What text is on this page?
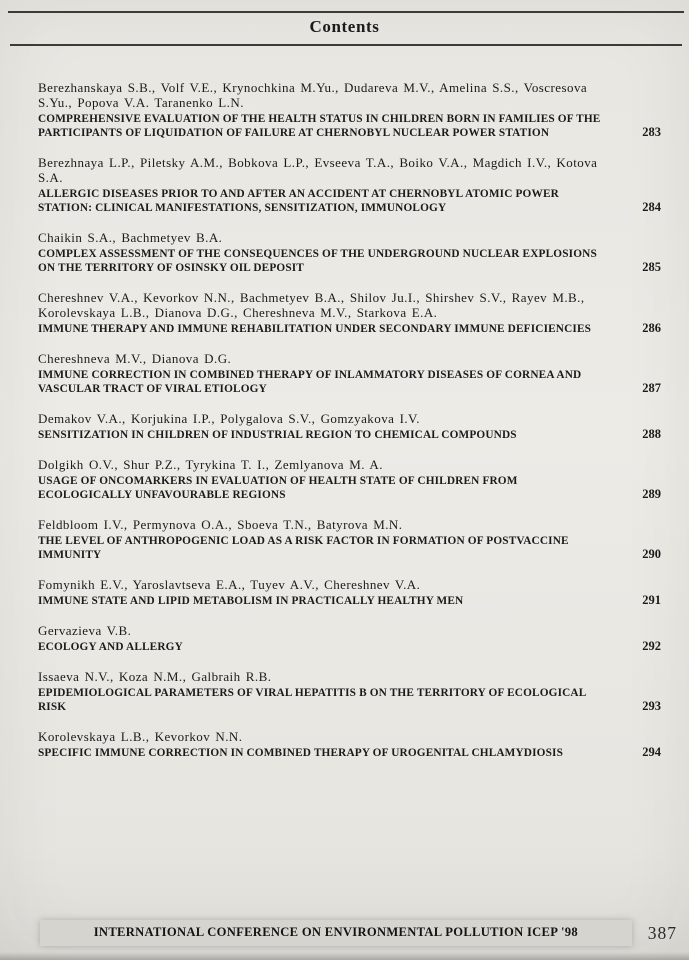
Contents
Berezhanskaya S.B., Volf V.E., Krynochkina M.Yu., Dudareva M.V., Amelina S.S., Voscresova S.Yu., Popova V.A. Taranenko L.N.
COMPREHENSIVE EVALUATION OF THE HEALTH STATUS IN CHILDREN BORN IN FAMILIES OF THE PARTICIPANTS OF LIQUIDATION OF FAILURE AT CHERNOBYL NUCLEAR POWER STATION	283
Berezhnaya L.P., Piletsky A.M., Bobkova L.P., Evseeva T.A., Boiko V.A., Magdich I.V., Kotova S.A.
ALLERGIC DISEASES PRIOR TO AND AFTER AN ACCIDENT AT CHERNOBYL ATOMIC POWER STATION: CLINICAL MANIFESTATIONS, SENSITIZATION, IMMUNOLOGY	284
Chaikin S.A., Bachmetyev B.A.
COMPLEX ASSESSMENT OF THE CONSEQUENCES OF THE UNDERGROUND NUCLEAR EXPLOSIONS ON THE TERRITORY OF OSINSKY OIL DEPOSIT	285
Chereshnev V.A., Kevorkov N.N., Bachmetyev B.A., Shilov Ju.I., Shirshev S.V., Rayev M.B., Korolevskaya L.B., Dianova D.G., Chereshneva M.V., Starkova E.A.
IMMUNE THERAPY AND IMMUNE REHABILITATION UNDER SECONDARY IMMUNE DEFICIENCIES	286
Chereshneva M.V., Dianova D.G.
IMMUNE CORRECTION IN COMBINED THERAPY OF INLAMMATORY DISEASES OF CORNEA AND VASCULAR TRACT OF VIRAL ETIOLOGY	287
Demakov V.A., Korjukina I.P., Polygalova S.V., Gomzyakova I.V.
SENSITIZATION IN CHILDREN OF INDUSTRIAL REGION TO CHEMICAL COMPOUNDS	288
Dolgikh O.V., Shur P.Z., Tyrykina T. I., Zemlyanova M. A.
USAGE OF ONCOMARKERS IN EVALUATION OF HEALTH STATE OF CHILDREN FROM ECOLOGICALLY UNFAVOURABLE REGIONS	289
Feldbloom I.V., Permynova O.A., Sboeva T.N., Batyrova M.N.
THE LEVEL OF ANTHROPOGENIC LOAD AS A RISK FACTOR IN FORMATION OF POSTVACCINE IMMUNITY	290
Fomynikh E.V., Yaroslavtseva E.A., Tuyev A.V., Chereshnev V.A.
IMMUNE STATE AND LIPID METABOLISM IN PRACTICALLY HEALTHY MEN	291
Gervazieva V.B.
ECOLOGY AND ALLERGY	292
Issaeva N.V., Koza N.M., Galbraih R.B.
EPIDEMIOLOGICAL PARAMETERS OF VIRAL HEPATITIS B ON THE TERRITORY OF ECOLOGICAL RISK	293
Korolevskaya L.B., Kevorkov N.N.
SPECIFIC IMMUNE CORRECTION IN COMBINED THERAPY OF UROGENITAL CHLAMYDIOSIS	294
INTERNATIONAL CONFERENCE ON ENVIRONMENTAL POLLUTION ICEP '98	387
